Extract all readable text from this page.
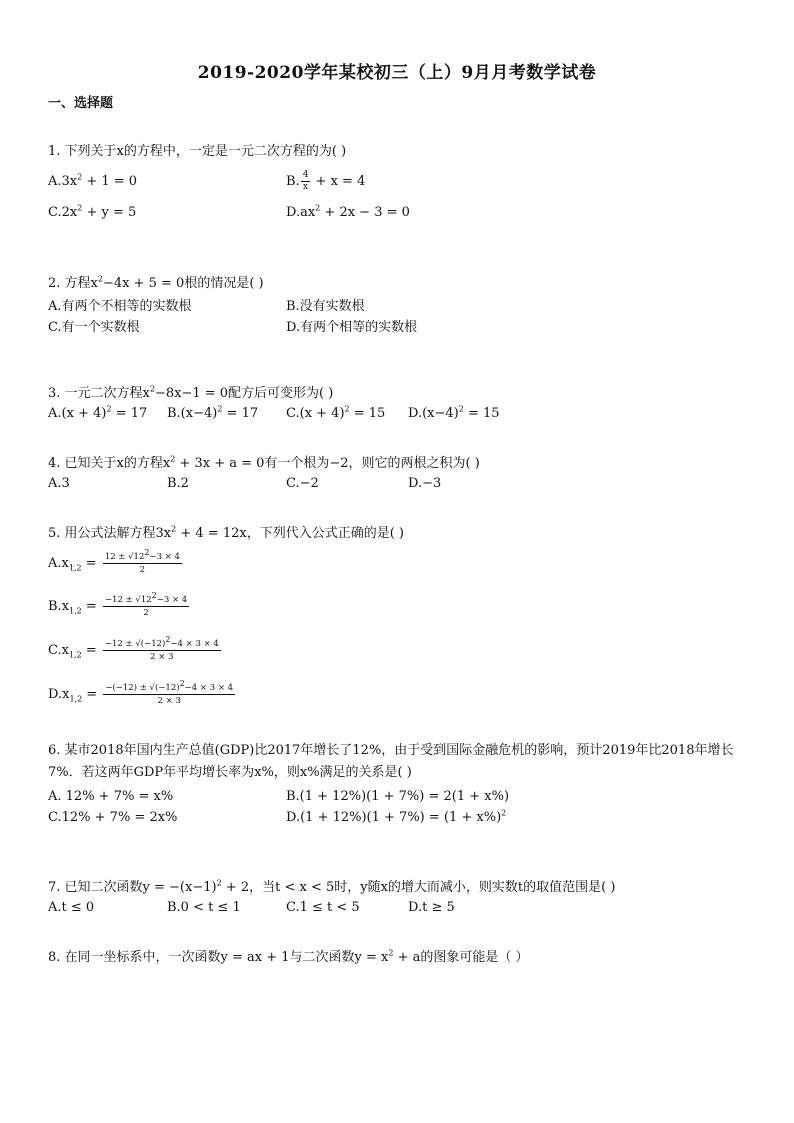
2019-2020学年某校初三（上）9月月考数学试卷
一、选择题
1. 下列关于x的方程中，一定是一元二次方程的为( )
$A.3x^2 + 1 = 0$	B. $\frac{4}{x} + x = 4$
$C.2x^2 + y = 5$	$D.ax^2 + 2x - 3 = 0$
2. 方程$x^2-4x + 5 = 0$根的情况是( )
A.有两个不相等的实数根	B.没有实数根
C.有一个实数根	D.有两个相等的实数根
3. 一元二次方程$x^2-8x-1 = 0$配方后可变形为( )
$A.(x + 4)^2 = 17$ $B.(x-4)^2 = 17$ $C.(x + 4)^2 = 15$ $D.(x-4)^2 = 15$
4. 已知关于x的方程$x^2 + 3x + a = 0$有一个根为−2，则它的两根之积为( )
A.3	B.2	C.−2	D.−3
5. 用公式法解方程$3x^2 + 4 = 12x$，下列代入公式正确的是( )
$A.x_{1,2} = \frac{12 \pm √12^2-3 \times 4}{2}$
$B.x_{1,2} = \frac{-12 \pm √12^2-3 \times 4}{2}$
$C.x_{1,2} = \frac{-12 \pm √(-12)^2-4 \times 3 \times 4}{2 \times 3}$
$D.x_{1,2} = \frac{-(-12) \pm √(-12)^2-4 \times 3 \times 4}{2 \times 3}$
6. 某市2018年国内生产总值(GDP)比2017年增长了12%，由于受到国际金融危机的影响，预计2019年比2018年增长7%．若这两年GDP年平均增长率为x%，则x%满足的关系是( )
A. 12% + 7% = x%	B.(1 + 12%)(1 + 7%) = 2(1 + x%)
C.12% + 7% = 2x%	$D.(1 + 12\%)(1 + 7\%) = (1 + x\%)^2$
7. 已知二次函数$y = -(x-1)^2 + 2$，当t < x < 5时，y随x的增大而减小，则实数t的取值范围是( )
A.t ≤ 0	B.0 < t ≤ 1	C.1 ≤ t < 5	D.t ≥ 5
8. 在同一坐标系中，一次函数y = ax + 1与二次函数$y = x^2 + a$的图象可能是（ ）
